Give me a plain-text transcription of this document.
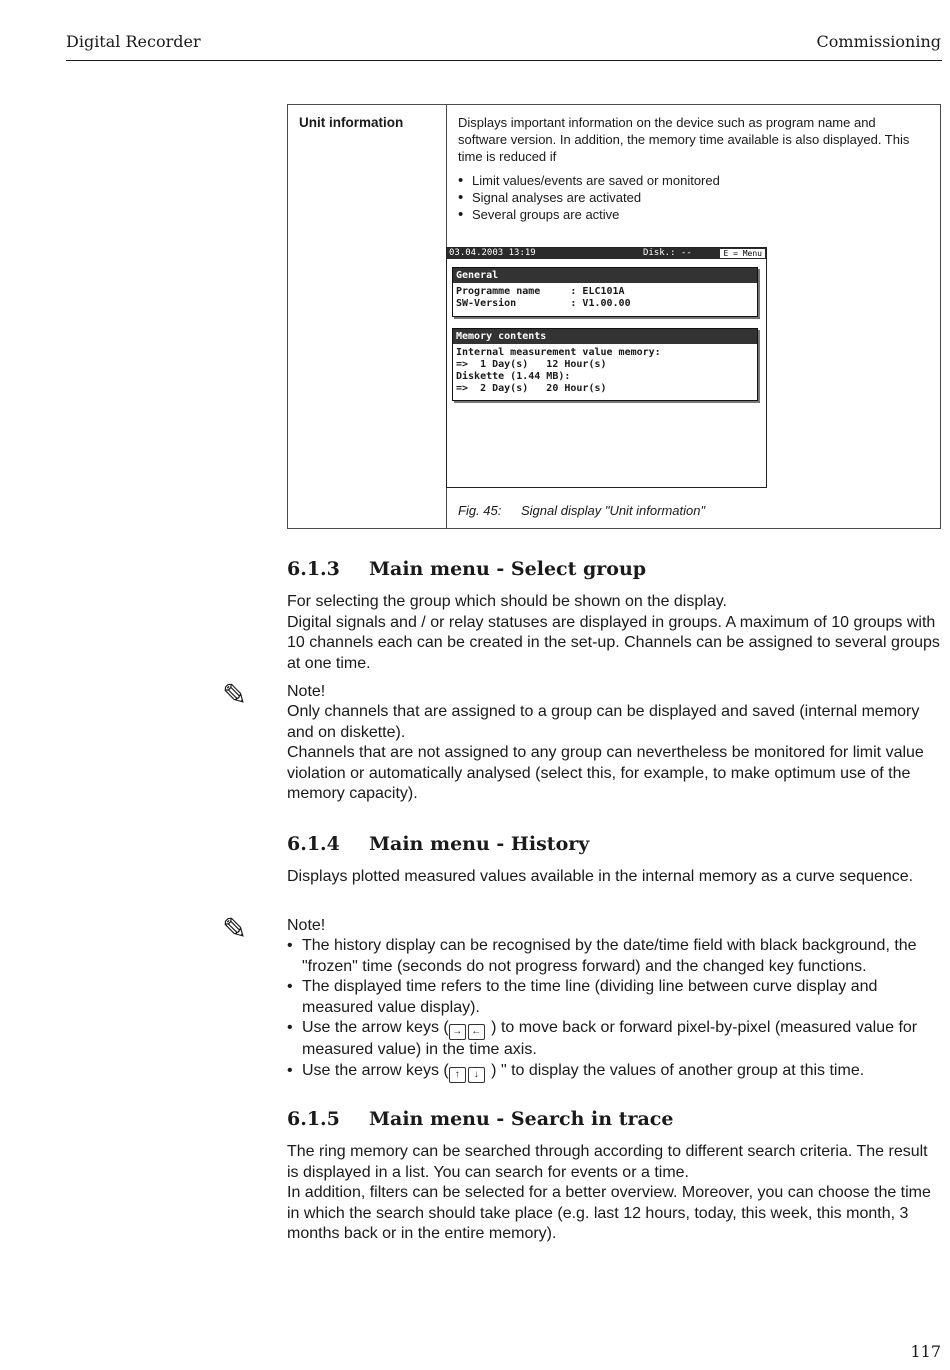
Digital Recorder	Commissioning
Unit information	Displays important information on the device such as program name and software version. In addition, the memory time available is also displayed. This time is reduced if
• Limit values/events are saved or monitored
• Signal analyses are activated
• Several groups are active
03.04.2003 13:19	Disk.: --	E = Menu
General
Programme name     : ELC101A
SW-Version         : V1.00.00
Memory contents
Internal measurement value memory:
=>  1 Day(s)   12 Hour(s)
Diskette (1.44 MB):
=>  2 Day(s)   20 Hour(s)
Fig. 45: Signal display "Unit information"
6.1.3 Main menu - Select group
For selecting the group which should be shown on the display.
Digital signals and / or relay statuses are displayed in groups. A maximum of 10 groups with 10 channels each can be created in the set-up. Channels can be assigned to several groups at one time.
✎ Note!
Only channels that are assigned to a group can be displayed and saved (internal memory and on diskette).
Channels that are not assigned to any group can nevertheless be monitored for limit value violation or automatically analysed (select this, for example, to make optimum use of the memory capacity).
6.1.4 Main menu - History
Displays plotted measured values available in the internal memory as a curve sequence.
✎ Note!
• The history display can be recognised by the date/time field with black background, the "frozen" time (seconds do not progress forward) and the changed key functions.
• The displayed time refers to the time line (dividing line between curve display and measured value display).
• Use the arrow keys ( → ← ) to move back or forward pixel-by-pixel (measured value for measured value) in the time axis.
• Use the arrow keys ( ↑ ↓ ) " to display the values of another group at this time.
6.1.5 Main menu - Search in trace
The ring memory can be searched through according to different search criteria. The result is displayed in a list. You can search for events or a time.
In addition, filters can be selected for a better overview. Moreover, you can choose the time in which the search should take place (e.g. last 12 hours, today, this week, this month, 3 months back or in the entire memory).
117
